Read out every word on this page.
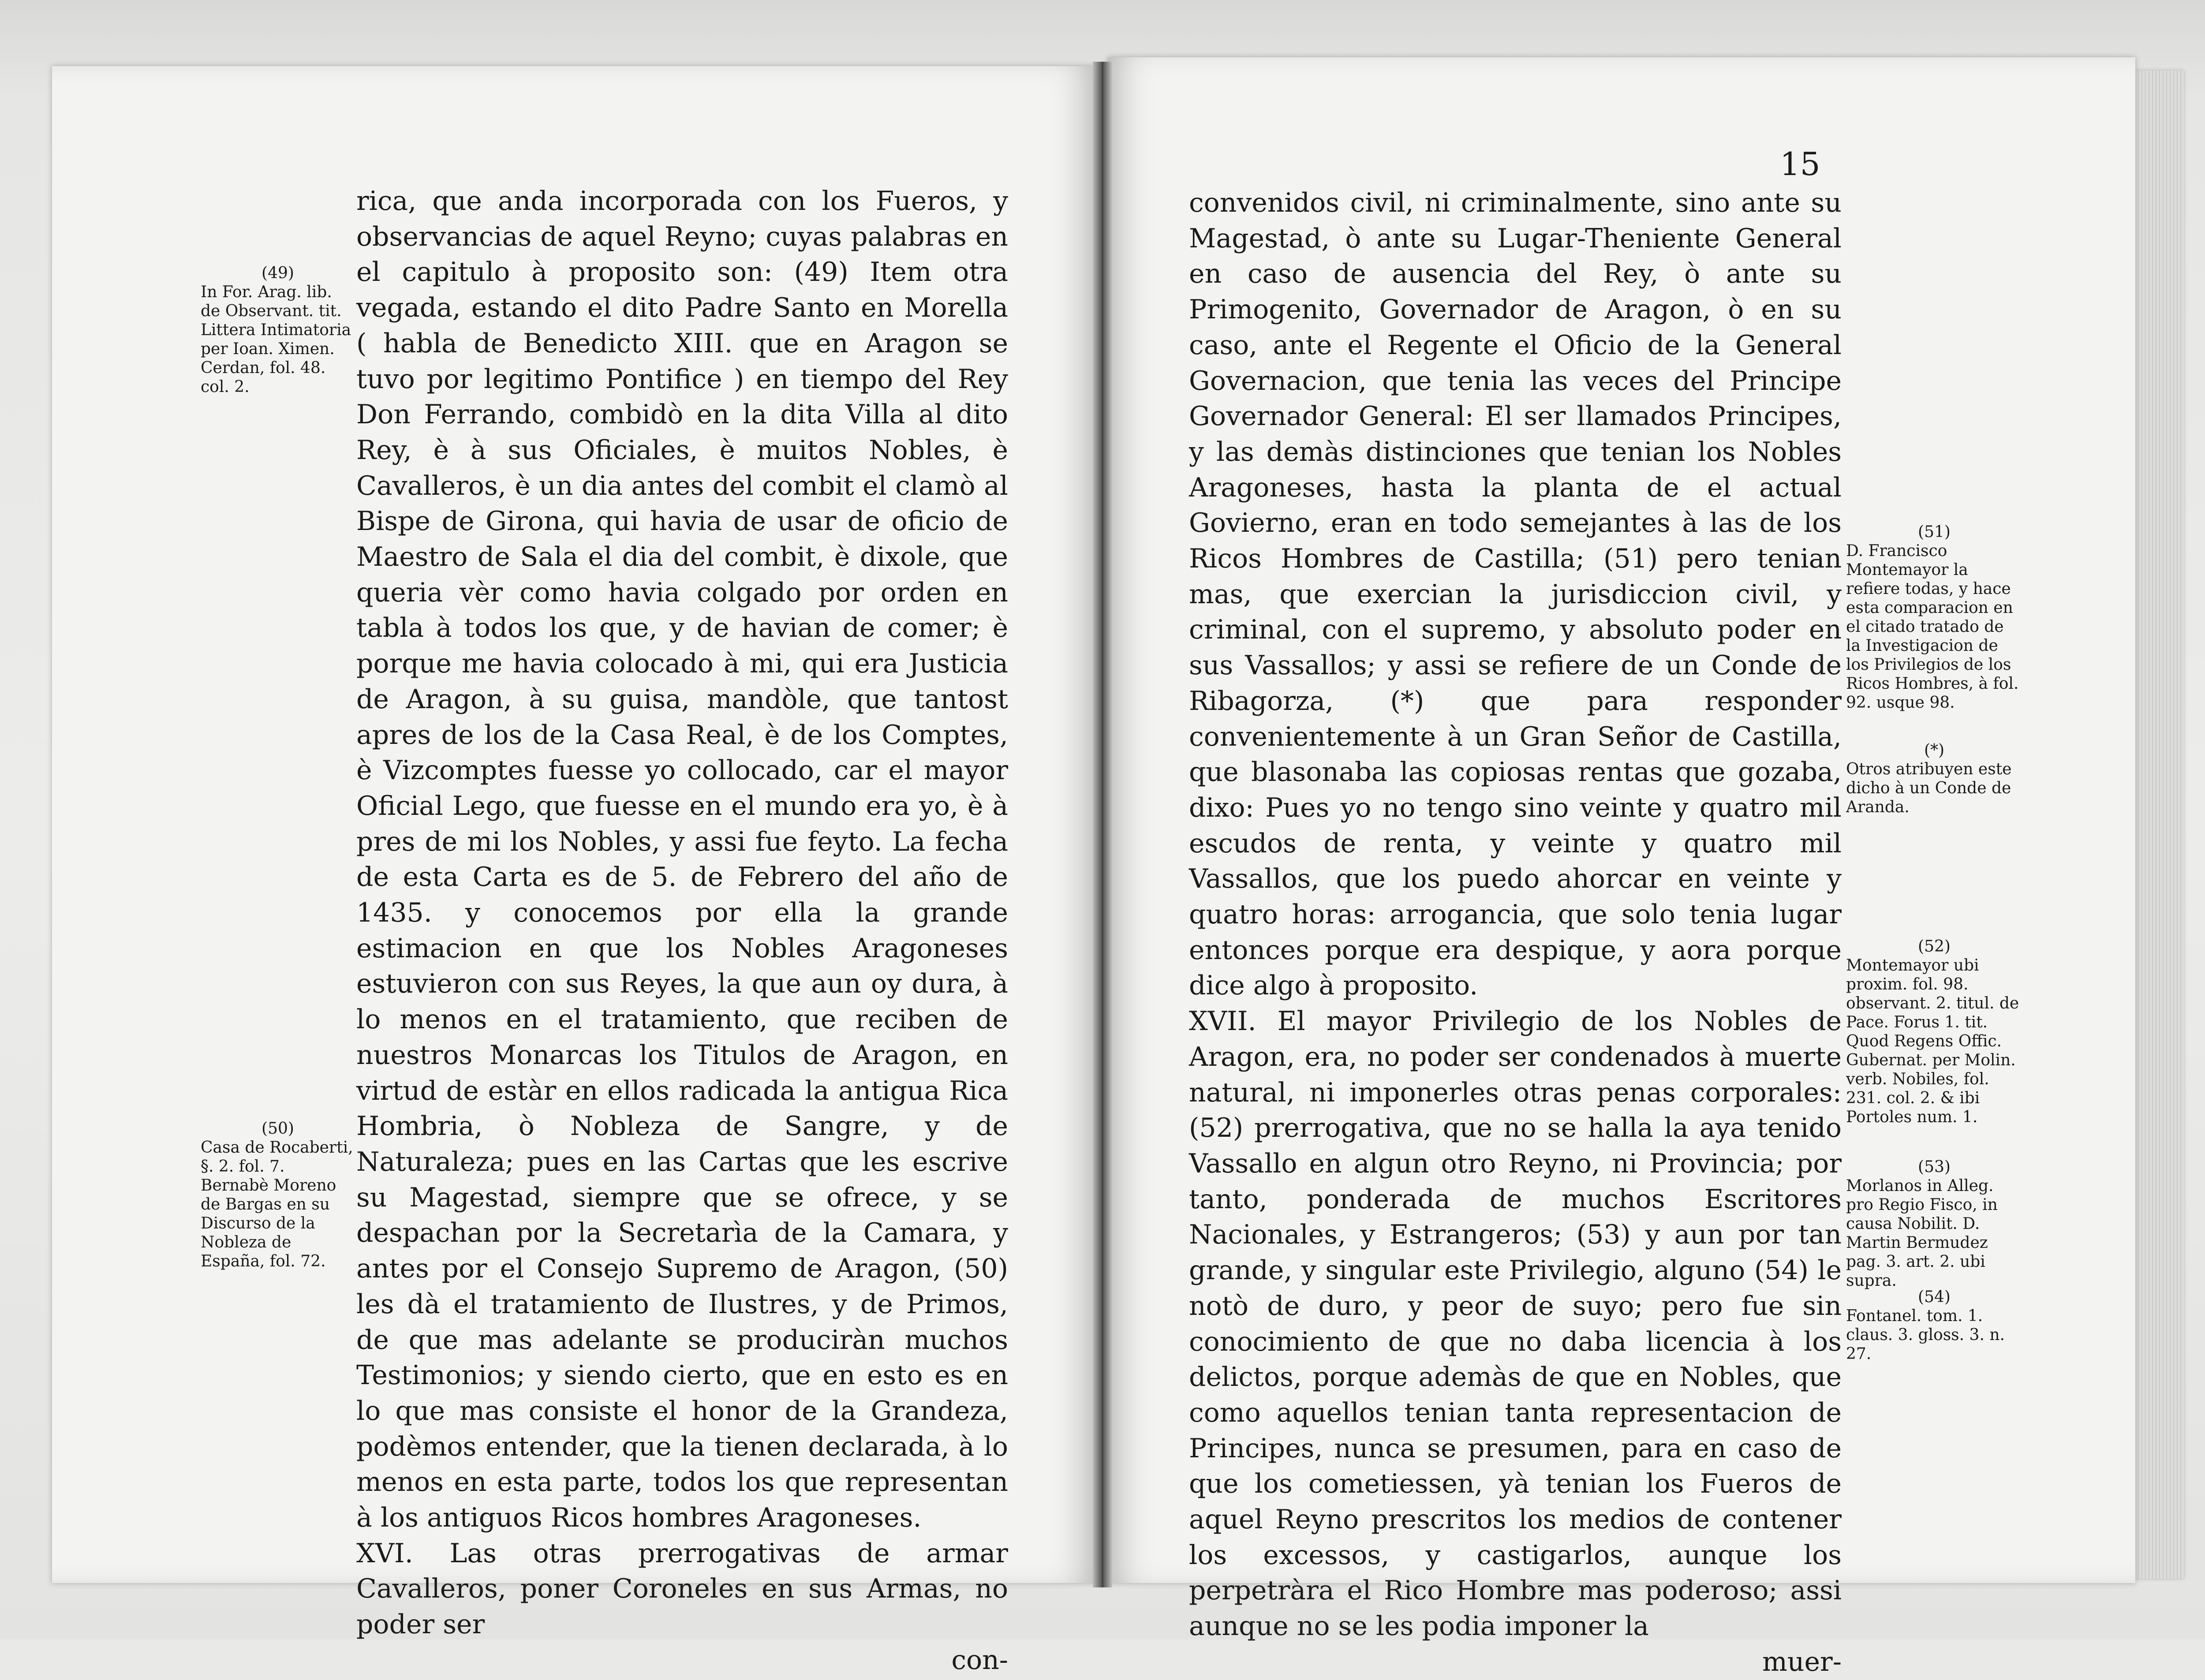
rica, que anda incorporada con los Fueros, y observancias de aquel Reyno; cuyas palabras en el capitulo à proposito son: (49) Item otra vegada, estando el dito Padre Santo en Morella ( habla de Benedicto XIII. que en Aragon se tuvo por legitimo Pontifice ) en tiempo del Rey Don Ferrando, combidò en la dita Villa al dito Rey, è à sus Oficiales, è muitos Nobles, è Cavalleros, è un dia antes del combit el clamò al Bispe de Girona, qui havia de usar de oficio de Maestro de Sala el dia del combit, è dixole, que queria vèr como havia colgado por orden en tabla à todos los que, y de havian de comer; è porque me havia colocado à mi, qui era Justicia de Aragon, à su guisa, mandòle, que tantost apres de los de la Casa Real, è de los Comptes, è Vizcomptes fuesse yo collocado, car el mayor Oficial Lego, que fuesse en el mundo era yo, è à pres de mi los Nobles, y assi fue feyto. La fecha de esta Carta es de 5. de Febrero del año de 1435. y conocemos por ella la grande estimacion en que los Nobles Aragoneses estuvieron con sus Reyes, la que aun oy dura, à lo menos en el tratamiento, que reciben de nuestros Monarcas los Titulos de Aragon, en virtud de estàr en ellos radicada la antigua Rica Hombria, ò Nobleza de Sangre, y de Naturaleza; pues en las Cartas que les escrive su Magestad, siempre que se ofrece, y se despachan por la Secretarìa de la Camara, y antes por el Consejo Supremo de Aragon, (50) les dà el tratamiento de Ilustres, y de Primos, de que mas adelante se produciràn muchos Testimonios; y siendo cierto, que en esto es en lo que mas consiste el honor de la Grandeza, podèmos entender, que la tienen declarada, à lo menos en esta parte, todos los que representan à los antiguos Ricos hombres Aragoneses.

XVI. Las otras prerrogativas de armar Cavalleros, poner Coroneles en sus Armas, no poder ser

con-

(49)
In For. Arag. lib. de Observant. tit. Littera Intimatoria per Ioan. Ximen. Cerdan, fol. 48. col. 2.
(50)
Casa de Rocaberti, §. 2. fol. 7. Bernabè Moreno de Bargas en su Discurso de la Nobleza de España, fol. 72.
15

convenidos civil, ni criminalmente, sino ante su Magestad, ò ante su Lugar-Theniente General en caso de ausencia del Rey, ò ante su Primogenito, Governador de Aragon, ò en su caso, ante el Regente el Oficio de la General Governacion, que tenia las veces del Principe Governador General: El ser llamados Principes, y las demàs distinciones que tenian los Nobles Aragoneses, hasta la planta de el actual Govierno, eran en todo semejantes à las de los Ricos Hombres de Castilla; (51) pero tenian mas, que exercian la jurisdiccion civil, y criminal, con el supremo, y absoluto poder en sus Vassallos; y assi se refiere de un Conde de Ribagorza, (*) que para responder convenientemente à un Gran Señor de Castilla, que blasonaba las copiosas rentas que gozaba, dixo: Pues yo no tengo sino veinte y quatro mil escudos de renta, y veinte y quatro mil Vassallos, que los puedo ahorcar en veinte y quatro horas: arrogancia, que solo tenia lugar entonces porque era despique, y aora porque dice algo à proposito.

XVII. El mayor Privilegio de los Nobles de Aragon, era, no poder ser condenados à muerte natural, ni imponerles otras penas corporales: (52) prerrogativa, que no se halla la aya tenido Vassallo en algun otro Reyno, ni Provincia; por tanto, ponderada de muchos Escritores Nacionales, y Estrangeros; (53) y aun por tan grande, y singular este Privilegio, alguno (54) le notò de duro, y peor de suyo; pero fue sin conocimiento de que no daba licencia à los delictos, porque ademàs de que en Nobles, que como aquellos tenian tanta representacion de Principes, nunca se presumen, para en caso de que los cometiessen, yà tenian los Fueros de aquel Reyno prescritos los medios de contener los excessos, y castigarlos, aunque los perpetràra el Rico Hombre mas poderoso; assi aunque no se les podia imponer la

muer-

(51)
D. Francisco Montemayor la refiere todas, y hace esta comparacion en el citado tratado de la Investigacion de los Privilegios de los Ricos Hombres, à fol. 92. usque 98.
(*)
Otros atribuyen este dicho à un Conde de Aranda.
(52)
Montemayor ubi proxim. fol. 98. observant. 2. titul. de Pace. Forus 1. tit. Quod Regens Offic. Gubernat. per Molin. verb. Nobiles, fol. 231. col. 2. & ibi Portoles num. 1.
(53)
Morlanos in Alleg. pro Regio Fisco, in causa Nobilit. D. Martin Bermudez pag. 3. art. 2. ubi supra.
(54)
Fontanel. tom. 1. claus. 3. gloss. 3. n. 27.
